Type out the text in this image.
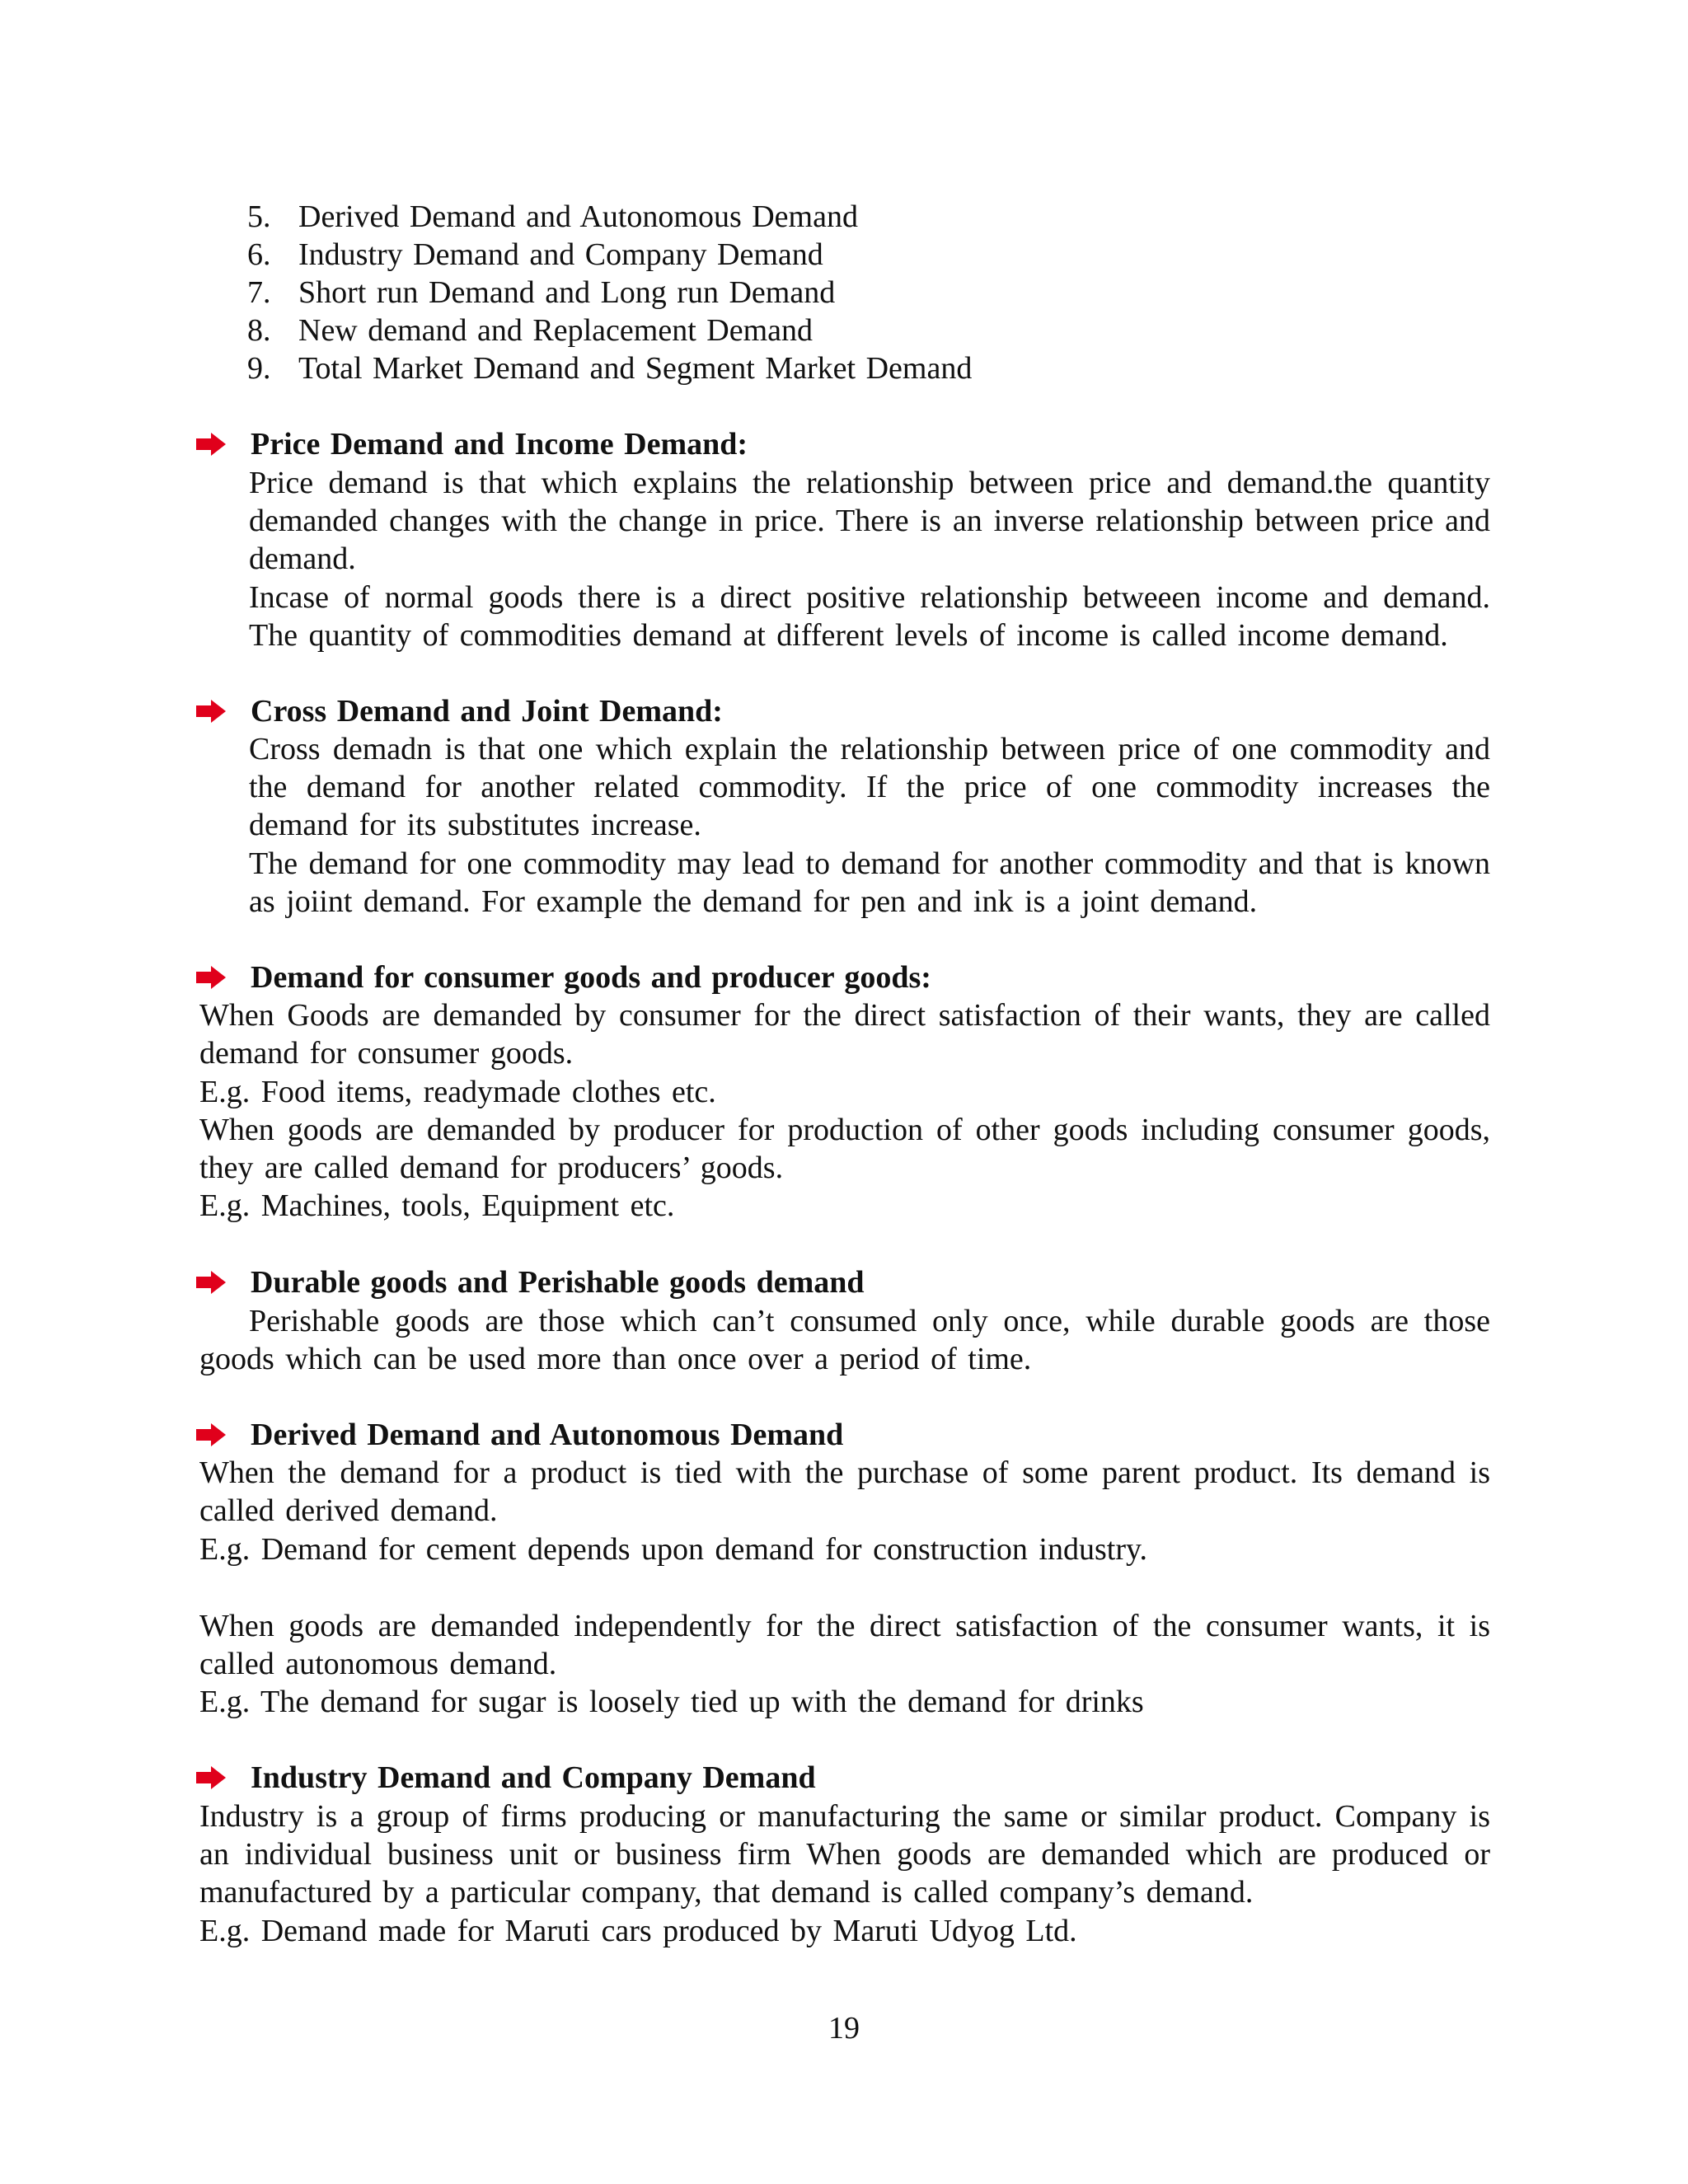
5. Derived Demand and Autonomous Demand
6. Industry Demand and Company Demand
7. Short run Demand and Long run Demand
8. New demand and Replacement Demand
9. Total Market Demand and Segment Market Demand
Price Demand and Income Demand:

Price demand is that which explains the relationship between price and demand.the quantity demanded changes with the change in price. There is an inverse relationship between price and demand.

Incase of normal goods there is a direct positive relationship betweeen income and demand. The quantity of commodities demand at different levels of income is called income demand.

Cross Demand and Joint Demand:

Cross demadn is that one which explain the relationship between price of one commodity and the demand for another related commodity. If the price of one commodity increases the demand for its substitutes increase.

The demand for one commodity may lead to demand for another commodity and that is known as joiint demand. For example the demand for pen and ink is a joint demand.

Demand for consumer goods and producer goods:

When Goods are demanded by consumer for the direct satisfaction of their wants, they are called demand for consumer goods.

E.g. Food items, readymade clothes etc.

When goods are demanded by producer for production of other goods including consumer goods, they are called demand for producers’ goods.

E.g. Machines, tools, Equipment etc.

Durable goods and Perishable goods demand

Perishable goods are those which can’t consumed only once, while durable goods are those goods which can be used more than once over a period of time.

Derived Demand and Autonomous Demand

When the demand for a product is tied with the purchase of some parent product. Its demand is called derived demand.

E.g. Demand for cement depends upon demand for construction industry.

When goods are demanded independently for the direct satisfaction of the consumer wants, it is called autonomous demand.

E.g. The demand for sugar is loosely tied up with the demand for drinks

Industry Demand and Company Demand

Industry is a group of firms producing or manufacturing the same or similar product. Company is an individual business unit or business firm When goods are demanded which are produced or manufactured by a particular company, that demand is called company’s demand.

E.g. Demand made for Maruti cars produced by Maruti Udyog Ltd.

19
